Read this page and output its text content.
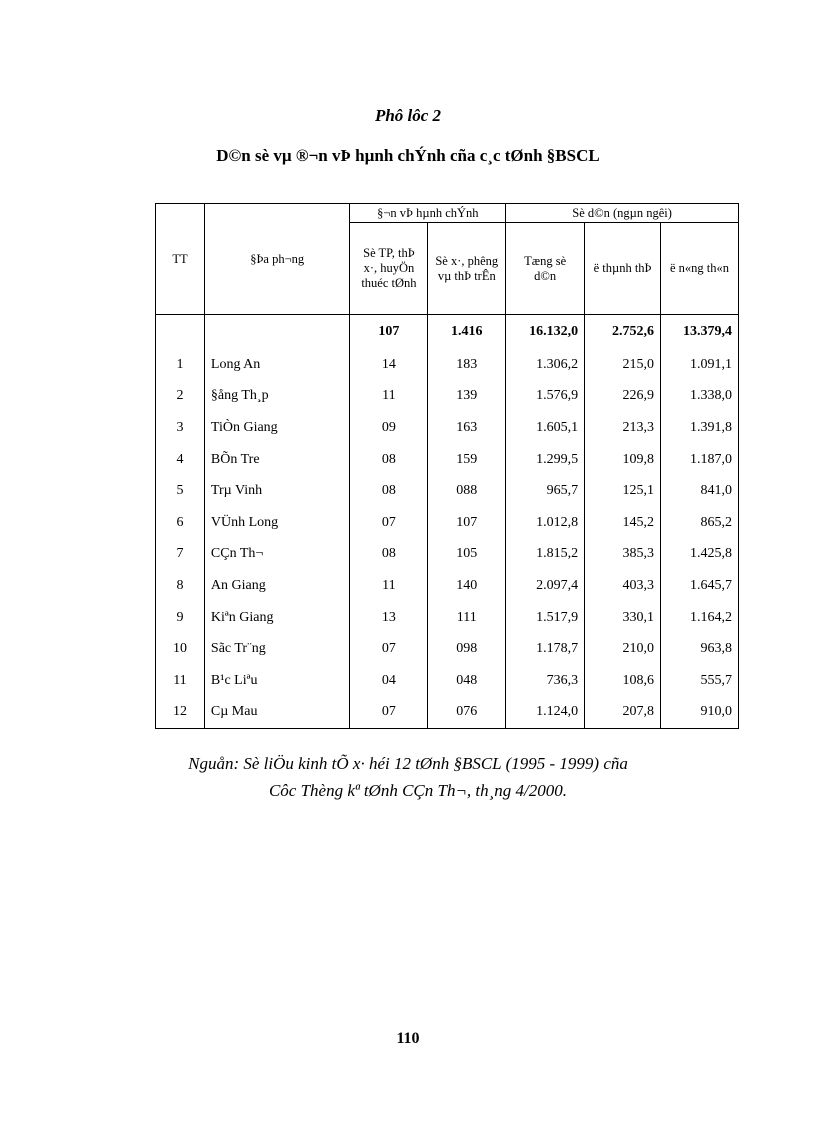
Phô lôc 2
D©n sè vµ ®¬n vÞ hµnh chÝnh cña c¸c tØnh §BSCL
TT	§Þa ph¬ng	§¬n vÞ hµnh chÝnh		Sè d©n (ngµn ngêi)		
		Sè TP, thÞ x·, huyÖn thuéc tØnh	Sè x·, phêng vµ thÞ trÊn	Tæng sè d©n	ë thµnh thÞ	ë n«ng th«n
		107	1.416	16.132,0	2.752,6	13.379,4
1	Long An	14	183	1.306,2	215,0	1.091,1
2	§ång Th¸p	11	139	1.576,9	226,9	1.338,0
3	TiÒn Giang	09	163	1.605,1	213,3	1.391,8
4	BÕn Tre	08	159	1.299,5	109,8	1.187,0
5	Trµ Vinh	08	088	965,7	125,1	841,0
6	VÜnh Long	07	107	1.012,8	145,2	865,2
7	CÇn Th¬	08	105	1.815,2	385,3	1.425,8
8	An Giang	11	140	2.097,4	403,3	1.645,7
9	Kiªn Giang	13	111	1.517,9	330,1	1.164,2
10	Sãc Tr¨ng	07	098	1.178,7	210,0	963,8
11	B¹c Liªu	04	048	736,3	108,6	555,7
12	Cµ Mau	07	076	1.124,0	207,8	910,0
Nguån: Sè liÖu kinh tÕ x· héi 12 tØnh §BSCL (1995 - 1999) cña
Côc Thèng kª tØnh CÇn Th¬, th¸ng 4/2000.
110
